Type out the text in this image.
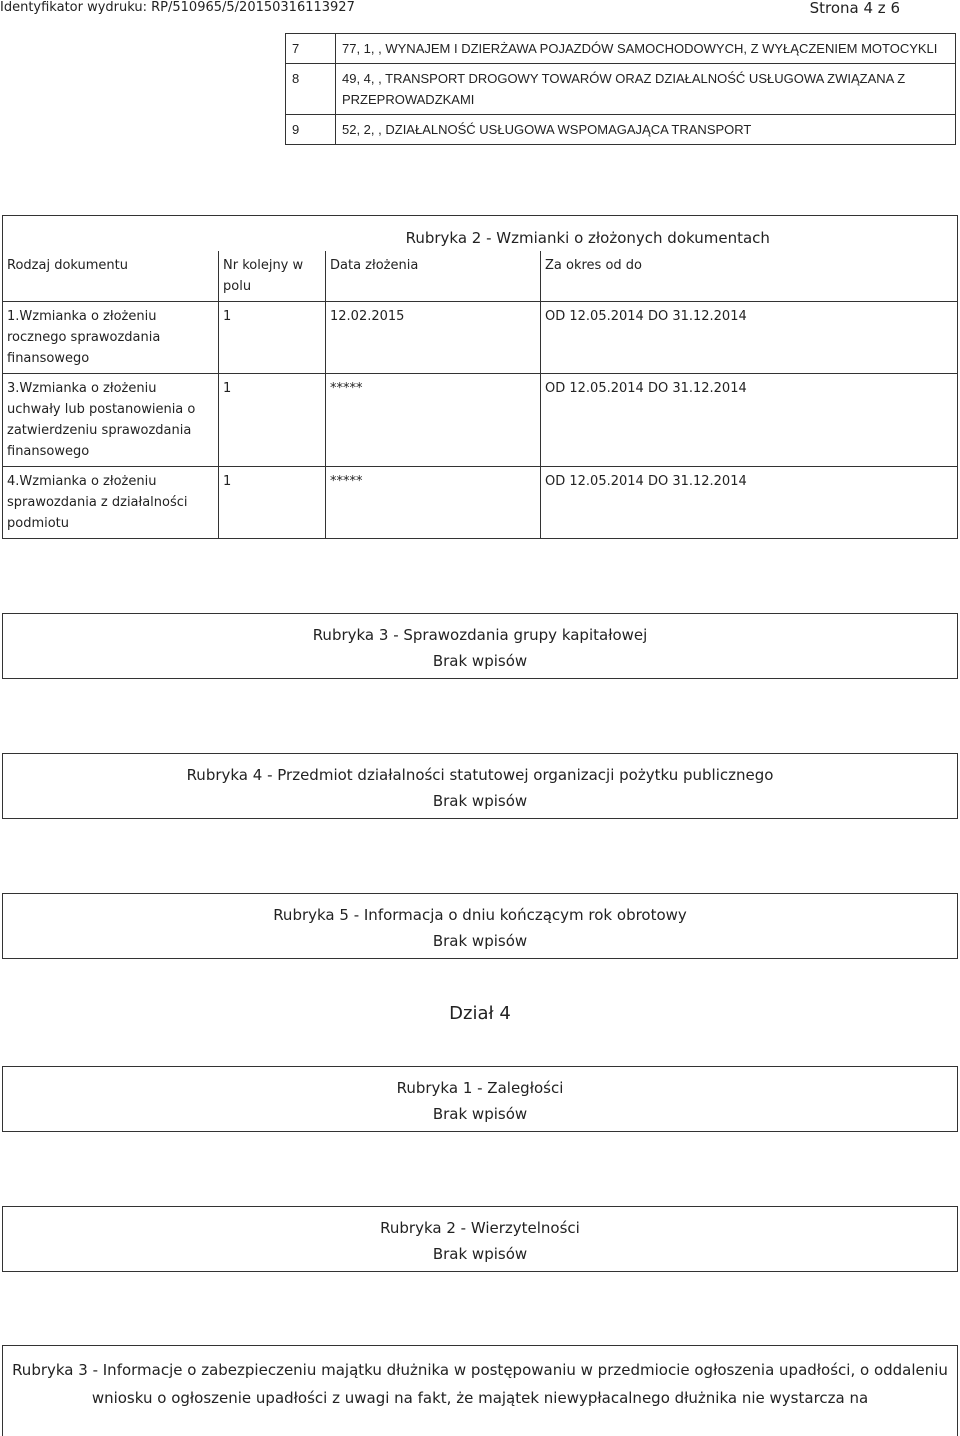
Identyfikator wydruku: RP/510965/5/20150316113927	Strona 4 z 6
7	77, 1, , WYNAJEM I DZIERŻAWA POJAZDÓW SAMOCHODOWYCH, Z WYŁĄCZENIEM MOTOCYKLI
8	49, 4, , TRANSPORT DROGOWY TOWARÓW ORAZ DZIAŁALNOŚĆ USŁUGOWA ZWIĄZANA Z PRZEPROWADZKAMI
9	52, 2, , DZIAŁALNOŚĆ USŁUGOWA WSPOMAGAJĄCA TRANSPORT
	Rubryka 2 - Wzmianki o złożonych dokumentach		
Rodzaj dokumentu	Nr kolejny w polu	Data złożenia	Za okres od do
1.Wzmianka o złożeniu rocznego sprawozdania finansowego	1	12.02.2015	OD 12.05.2014 DO 31.12.2014
3.Wzmianka o złożeniu uchwały lub postanowienia o zatwierdzeniu sprawozdania finansowego	1	*****	OD 12.05.2014 DO 31.12.2014
4.Wzmianka o złożeniu sprawozdania z działalności podmiotu	1	*****	OD 12.05.2014 DO 31.12.2014
Rubryka 3 - Sprawozdania grupy kapitałowej
Brak wpisów
Rubryka 4 - Przedmiot działalności statutowej organizacji pożytku publicznego
Brak wpisów
Rubryka 5 - Informacja o dniu kończącym rok obrotowy
Brak wpisów
Dział 4
Rubryka 1 - Zaległości
Brak wpisów
Rubryka 2 - Wierzytelności
Brak wpisów
Rubryka 3 - Informacje o zabezpieczeniu majątku dłużnika w postępowaniu w przedmiocie ogłoszenia upadłości, o oddaleniu wniosku o ogłoszenie upadłości z uwagi na fakt, że majątek niewypłacalnego dłużnika nie wystarcza na
